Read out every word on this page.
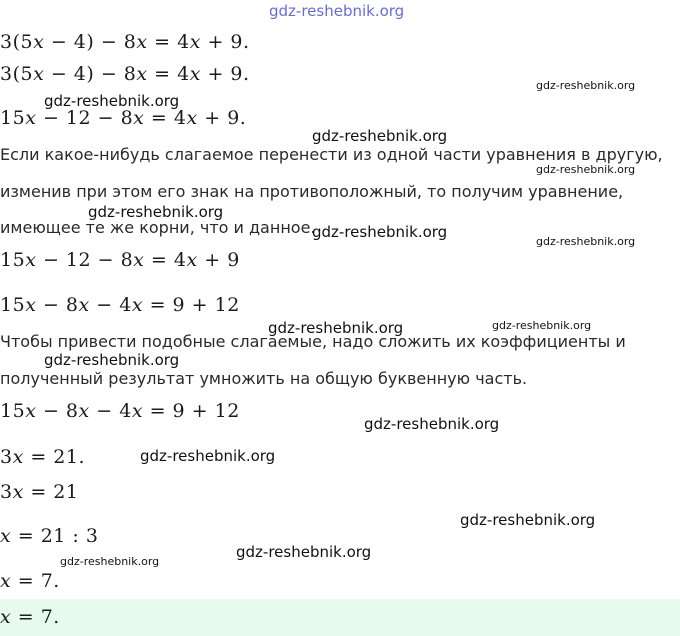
3(5x − 4) − 8x = 4x + 9.
3(5x − 4) − 8x = 4x + 9.
15x − 12 − 8x = 4x + 9.
Если какое-нибудь слагаемое перенести из одной части уравнения в другую,
изменив при этом его знак на противоположный, то получим уравнение,
имеющее те же корни, что и данное.
15x − 12 − 8x = 4x + 9
15x − 8x − 4x = 9 + 12
Чтобы привести подобные слагаемые, надо сложить их коэффициенты и
полученный результат умножить на общую буквенную часть.
15x − 8x − 4x = 9 + 12
3x = 21.
3x = 21
x = 21 : 3
x = 7.
x = 7.
gdz-reshebnik.org
gdz-reshebnik.org
gdz-reshebnik.org
gdz-reshebnik.org
gdz-reshebnik.org
gdz-reshebnik.org
gdz-reshebnik.org
gdz-reshebnik.org
gdz-reshebnik.org	gdz-reshebnik.org
gdz-reshebnik.org
gdz-reshebnik.org
gdz-reshebnik.org
gdz-reshebnik.org
gdz-reshebnik.org
gdz-reshebnik.org
